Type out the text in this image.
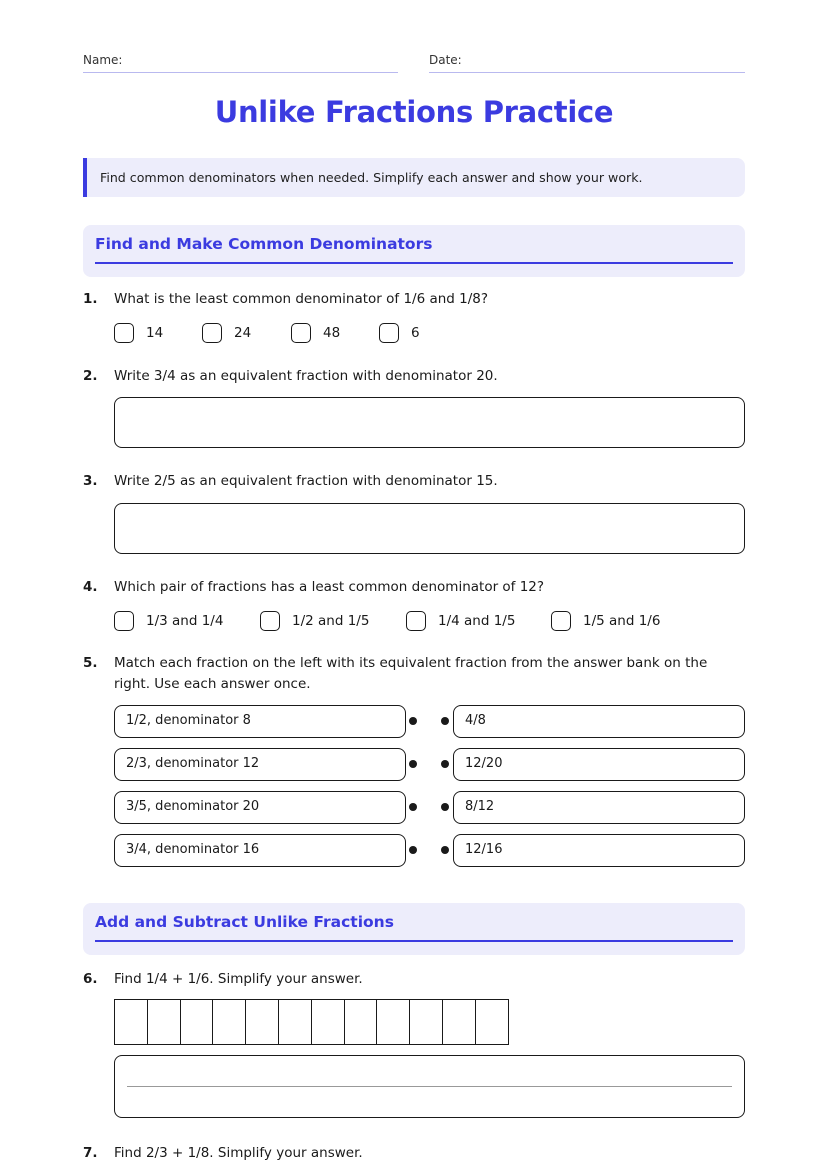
Name:	Date:
Unlike Fractions Practice
Find common denominators when needed. Simplify each answer and show your work.
Find and Make Common Denominators
1. What is the least common denominator of 1/6 and 1/8?
14	24	48	6
2. Write 3/4 as an equivalent fraction with denominator 20.
3. Write 2/5 as an equivalent fraction with denominator 15.
4. Which pair of fractions has a least common denominator of 12?
1/3 and 1/4	1/2 and 1/5	1/4 and 1/5	1/5 and 1/6
5. Match each fraction on the left with its equivalent fraction from the answer bank on the right. Use each answer once.
1/2, denominator 8	4/8
2/3, denominator 12	12/20
3/5, denominator 20	8/12
3/4, denominator 16	12/16
Add and Subtract Unlike Fractions
6. Find 1/4 + 1/6. Simplify your answer.
7. Find 2/3 + 1/8. Simplify your answer.
